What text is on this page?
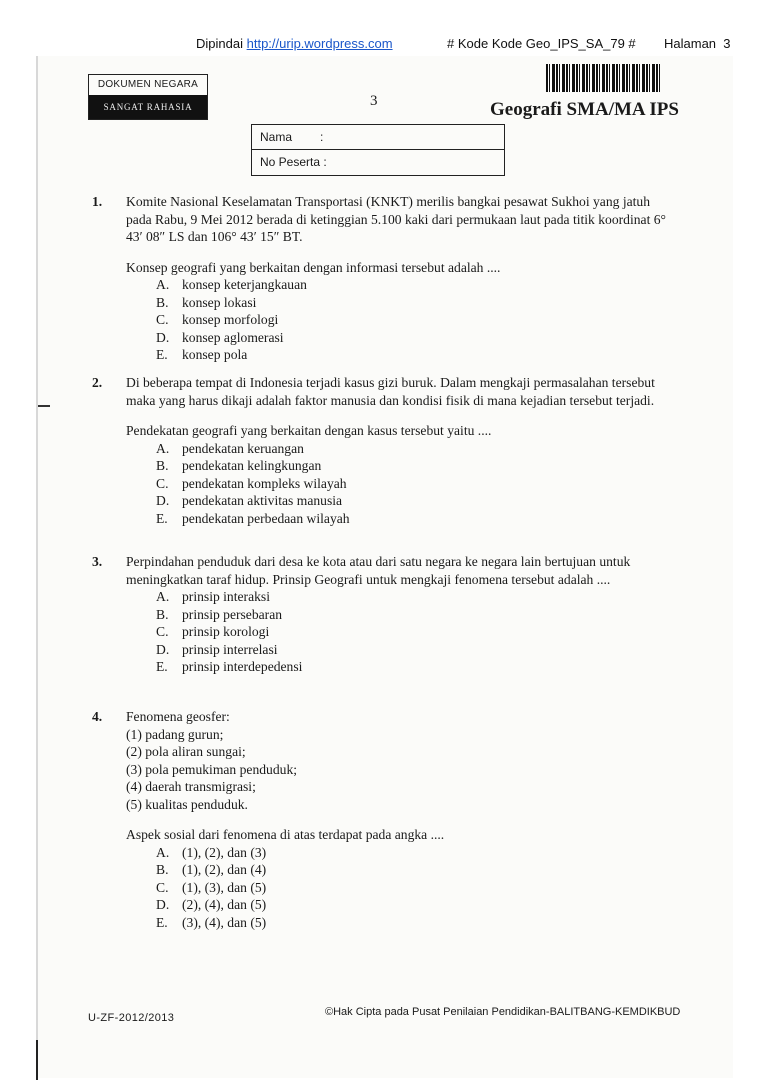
Dipindai http://urip.wordpress.com	# Kode Kode Geo_IPS_SA_79 # Halaman 3
DOKUMEN NEGARA
SANGAT RAHASIA	3	Geografi SMA/MA IPS
Nama :
No Peserta :
1. Komite Nasional Keselamatan Transportasi (KNKT) merilis bangkai pesawat Sukhoi yang jatuh pada Rabu, 9 Mei 2012 berada di ketinggian 5.100 kaki dari permukaan laut pada titik koordinat 6° 43′ 08″ LS dan 106° 43′ 15″ BT.
Konsep geografi yang berkaitan dengan informasi tersebut adalah ....
A. konsep keterjangkauan
B. konsep lokasi
C. konsep morfologi
D. konsep aglomerasi
E. konsep pola
2. Di beberapa tempat di Indonesia terjadi kasus gizi buruk. Dalam mengkaji permasalahan tersebut maka yang harus dikaji adalah faktor manusia dan kondisi fisik di mana kejadian tersebut terjadi.
Pendekatan geografi yang berkaitan dengan kasus tersebut yaitu ....
A. pendekatan keruangan
B. pendekatan kelingkungan
C. pendekatan kompleks wilayah
D. pendekatan aktivitas manusia
E. pendekatan perbedaan wilayah
3. Perpindahan penduduk dari desa ke kota atau dari satu negara ke negara lain bertujuan untuk meningkatkan taraf hidup. Prinsip Geografi untuk mengkaji fenomena tersebut adalah ....
A. prinsip interaksi
B. prinsip persebaran
C. prinsip korologi
D. prinsip interrelasi
E. prinsip interdepedensi
4. Fenomena geosfer:
(1) padang gurun;
(2) pola aliran sungai;
(3) pola pemukiman penduduk;
(4) daerah transmigrasi;
(5) kualitas penduduk.
Aspek sosial dari fenomena di atas terdapat pada angka ....
A. (1), (2), dan (3)
B. (1), (2), dan (4)
C. (1), (3), dan (5)
D. (2), (4), dan (5)
E. (3), (4), dan (5)
U-ZF-2012/2013	©Hak Cipta pada Pusat Penilaian Pendidikan-BALITBANG-KEMDIKBUD
